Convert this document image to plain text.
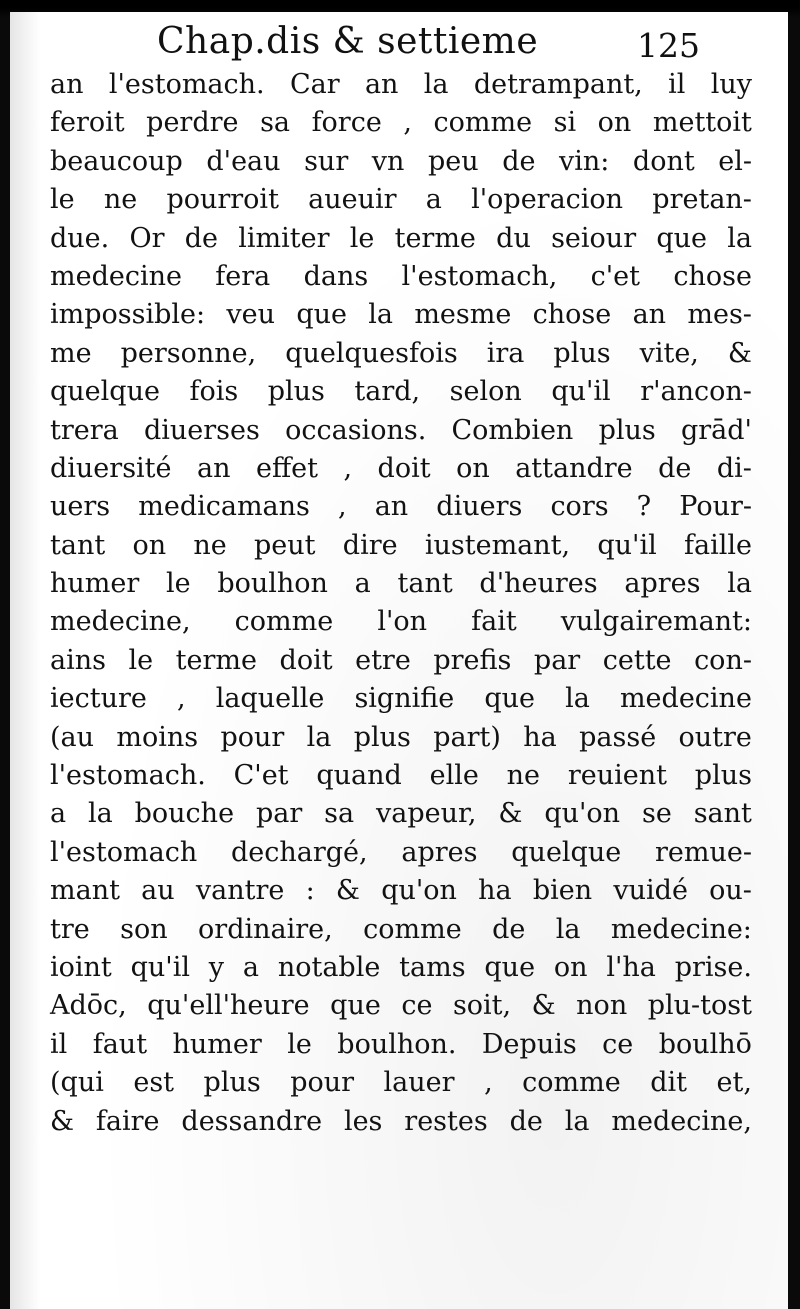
Chap.dis & settieme	125
an l'estomach. Car an la detrampant, il luy
feroit perdre sa force , comme si on mettoit
beaucoup d'eau sur vn peu de vin: dont el-
le ne pourroit aueuir a l'operacion pretan-
due. Or de limiter le terme du seiour que la
medecine fera dans l'estomach, c'et chose
impossible: veu que la mesme chose an mes-
me personne, quelquesfois ira plus vite, &
quelque fois plus tard, selon qu'il r'ancon-
trera diuerses occasions. Combien plus grād'
diuersité an effet , doit on attandre de di-
uers medicamans , an diuers cors ? Pour-
tant on ne peut dire iustemant, qu'il faille
humer le boulhon a tant d'heures apres la
medecine, comme l'on fait vulgairemant:
ains le terme doit etre prefis par cette con-
iecture , laquelle signifie que la medecine
(au moins pour la plus part) ha passé outre
l'estomach. C'et quand elle ne reuient plus
a la bouche par sa vapeur, & qu'on se sant
l'estomach dechargé, apres quelque remue-
mant au vantre : & qu'on ha bien vuidé ou-
tre son ordinaire, comme de la medecine:
ioint qu'il y a notable tams que on l'ha prise.
Adōc, qu'ell'heure que ce soit, & non plu-tost
il faut humer le boulhon. Depuis ce boulhō
(qui est plus pour lauer , comme dit et,
& faire dessandre les restes de la medecine,
